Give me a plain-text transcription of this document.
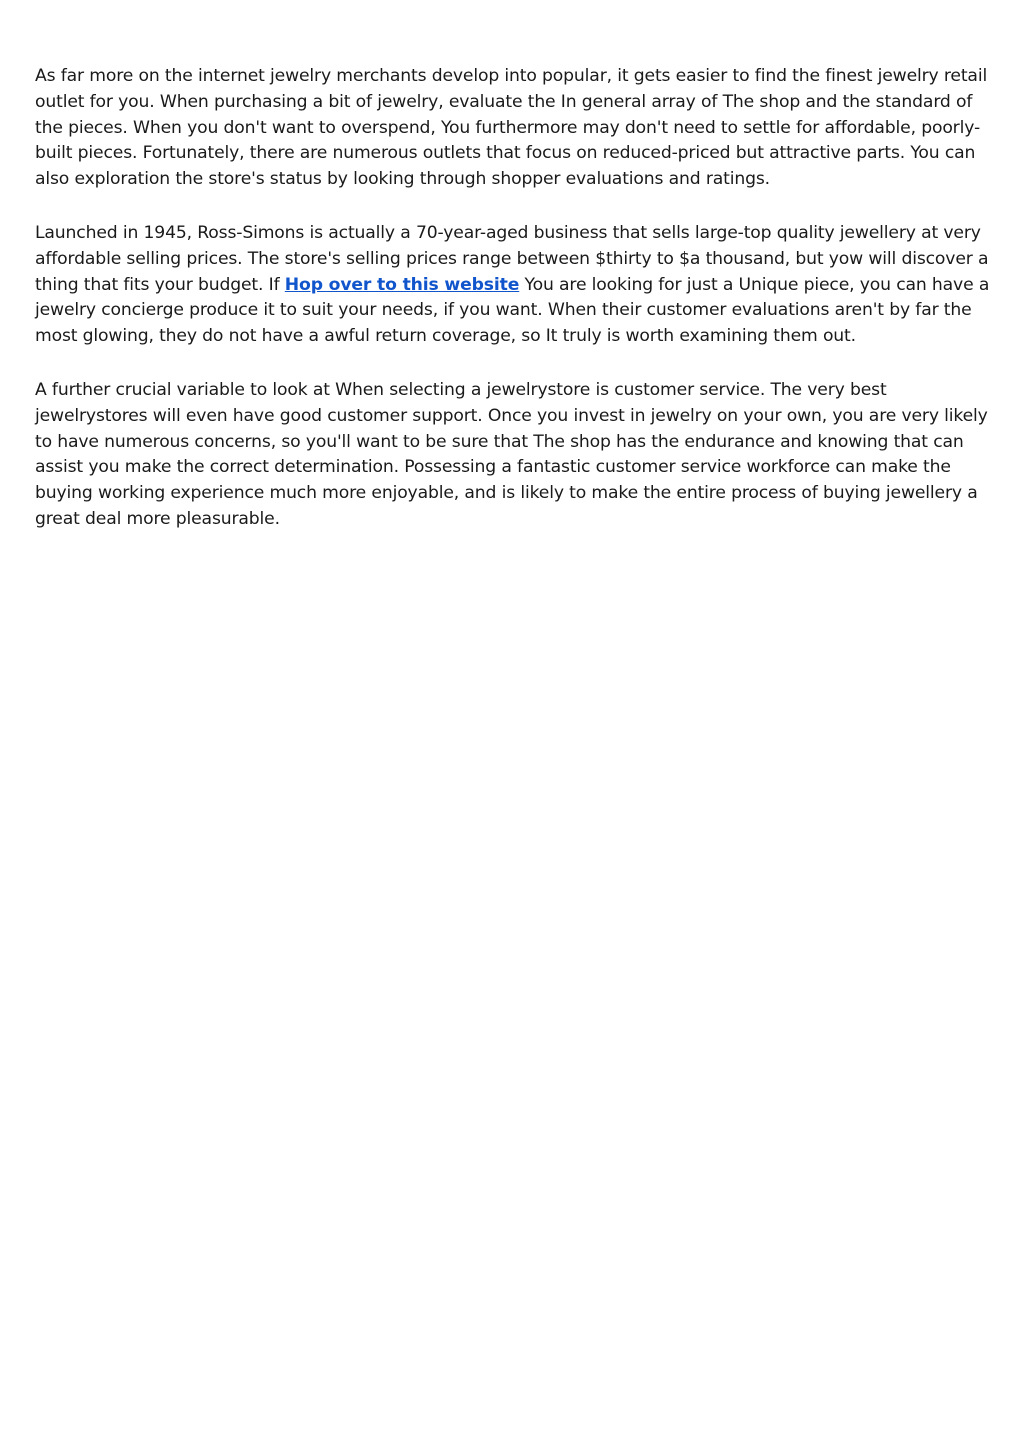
As far more on the internet jewelry merchants develop into popular, it gets easier to find the finest jewelry retail outlet for you. When purchasing a bit of jewelry, evaluate the In general array of The shop and the standard of the pieces. When you don't want to overspend, You furthermore may don't need to settle for affordable, poorly-built pieces. Fortunately, there are numerous outlets that focus on reduced-priced but attractive parts. You can also exploration the store's status by looking through shopper evaluations and ratings.

Launched in 1945, Ross-Simons is actually a 70-year-aged business that sells large-top quality jewellery at very affordable selling prices. The store's selling prices range between $thirty to $a thousand, but yow will discover a thing that fits your budget. If Hop over to this website You are looking for just a Unique piece, you can have a jewelry concierge produce it to suit your needs, if you want. When their customer evaluations aren't by far the most glowing, they do not have a awful return coverage, so It truly is worth examining them out.

A further crucial variable to look at When selecting a jewelrystore is customer service. The very best jewelrystores will even have good customer support. Once you invest in jewelry on your own, you are very likely to have numerous concerns, so you'll want to be sure that The shop has the endurance and knowing that can assist you make the correct determination. Possessing a fantastic customer service workforce can make the buying working experience much more enjoyable, and is likely to make the entire process of buying jewellery a great deal more pleasurable.
